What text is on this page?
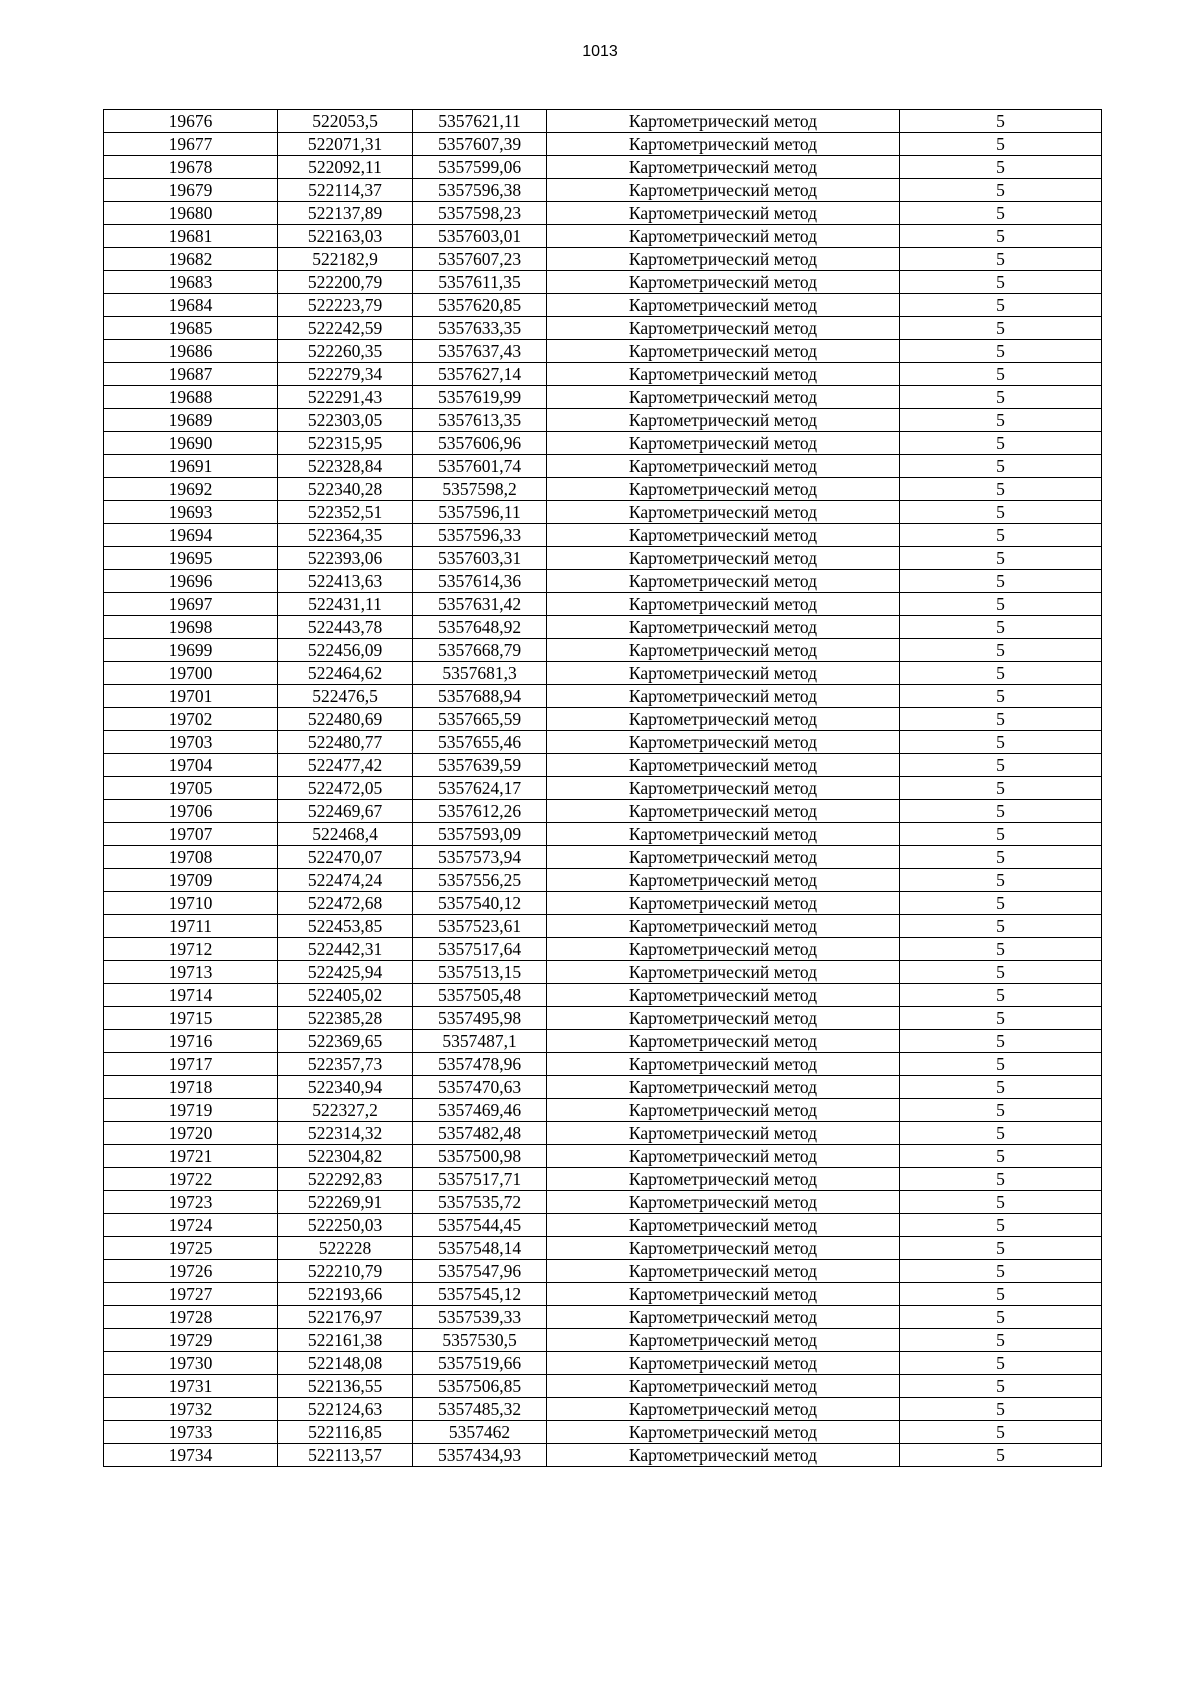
1013
19676	522053,5	5357621,11	Картометрический метод	5
19677	522071,31	5357607,39	Картометрический метод	5
19678	522092,11	5357599,06	Картометрический метод	5
19679	522114,37	5357596,38	Картометрический метод	5
19680	522137,89	5357598,23	Картометрический метод	5
19681	522163,03	5357603,01	Картометрический метод	5
19682	522182,9	5357607,23	Картометрический метод	5
19683	522200,79	5357611,35	Картометрический метод	5
19684	522223,79	5357620,85	Картометрический метод	5
19685	522242,59	5357633,35	Картометрический метод	5
19686	522260,35	5357637,43	Картометрический метод	5
19687	522279,34	5357627,14	Картометрический метод	5
19688	522291,43	5357619,99	Картометрический метод	5
19689	522303,05	5357613,35	Картометрический метод	5
19690	522315,95	5357606,96	Картометрический метод	5
19691	522328,84	5357601,74	Картометрический метод	5
19692	522340,28	5357598,2	Картометрический метод	5
19693	522352,51	5357596,11	Картометрический метод	5
19694	522364,35	5357596,33	Картометрический метод	5
19695	522393,06	5357603,31	Картометрический метод	5
19696	522413,63	5357614,36	Картометрический метод	5
19697	522431,11	5357631,42	Картометрический метод	5
19698	522443,78	5357648,92	Картометрический метод	5
19699	522456,09	5357668,79	Картометрический метод	5
19700	522464,62	5357681,3	Картометрический метод	5
19701	522476,5	5357688,94	Картометрический метод	5
19702	522480,69	5357665,59	Картометрический метод	5
19703	522480,77	5357655,46	Картометрический метод	5
19704	522477,42	5357639,59	Картометрический метод	5
19705	522472,05	5357624,17	Картометрический метод	5
19706	522469,67	5357612,26	Картометрический метод	5
19707	522468,4	5357593,09	Картометрический метод	5
19708	522470,07	5357573,94	Картометрический метод	5
19709	522474,24	5357556,25	Картометрический метод	5
19710	522472,68	5357540,12	Картометрический метод	5
19711	522453,85	5357523,61	Картометрический метод	5
19712	522442,31	5357517,64	Картометрический метод	5
19713	522425,94	5357513,15	Картометрический метод	5
19714	522405,02	5357505,48	Картометрический метод	5
19715	522385,28	5357495,98	Картометрический метод	5
19716	522369,65	5357487,1	Картометрический метод	5
19717	522357,73	5357478,96	Картометрический метод	5
19718	522340,94	5357470,63	Картометрический метод	5
19719	522327,2	5357469,46	Картометрический метод	5
19720	522314,32	5357482,48	Картометрический метод	5
19721	522304,82	5357500,98	Картометрический метод	5
19722	522292,83	5357517,71	Картометрический метод	5
19723	522269,91	5357535,72	Картометрический метод	5
19724	522250,03	5357544,45	Картометрический метод	5
19725	522228	5357548,14	Картометрический метод	5
19726	522210,79	5357547,96	Картометрический метод	5
19727	522193,66	5357545,12	Картометрический метод	5
19728	522176,97	5357539,33	Картометрический метод	5
19729	522161,38	5357530,5	Картометрический метод	5
19730	522148,08	5357519,66	Картометрический метод	5
19731	522136,55	5357506,85	Картометрический метод	5
19732	522124,63	5357485,32	Картометрический метод	5
19733	522116,85	5357462	Картометрический метод	5
19734	522113,57	5357434,93	Картометрический метод	5
